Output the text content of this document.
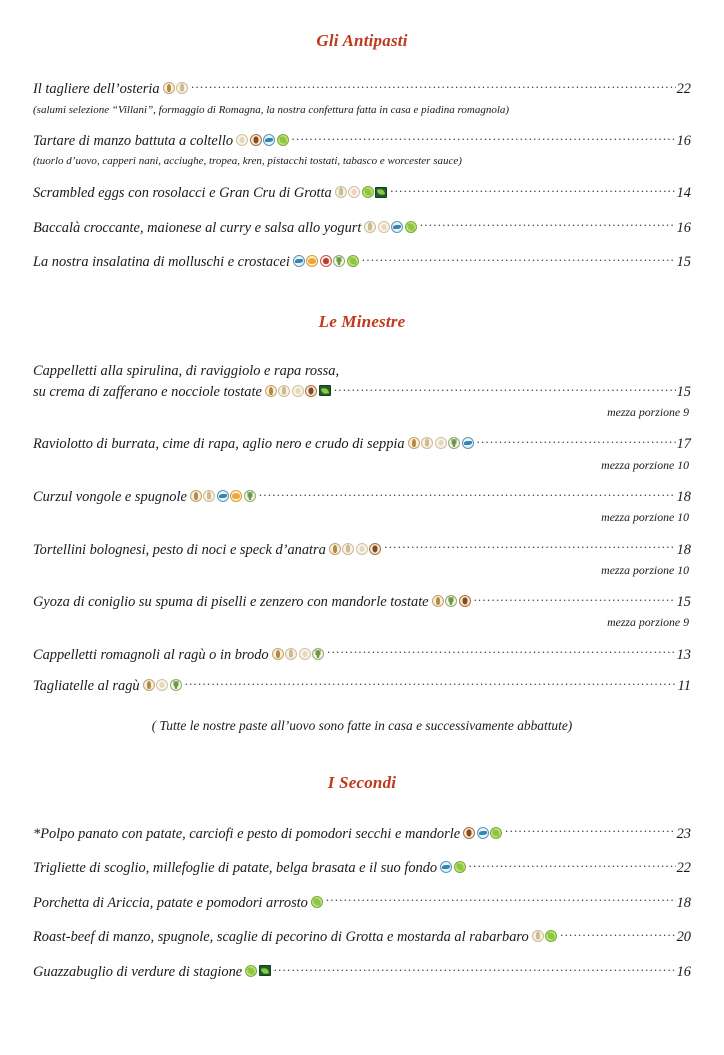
Gli Antipasti
Il tagliere dell’osteria .....	22
(salumi selezione “Villani”, formaggio di Romagna, la nostra confettura fatta in casa e piadina romagnola)
Tartare di manzo battuta a coltello .....	16
(tuorlo d’uovo, capperi nani, acciughe, tropea, kren, pistacchi tostati, tabasco e worcester sauce)
Scrambled eggs con rosolacci e Gran Cru di Grotta .....	14
Baccalà croccante, maionese al curry e salsa allo yogurt .....	16
La nostra insalatina di molluschi e crostacei .....	15
Le Minestre
Cappelletti alla spirulina, di raviggiolo e rapa rossa,
su crema di zafferano e nocciole tostate .....	15
mezza porzione 9
Raviolotto di burrata, cime di rapa, aglio nero e crudo di seppia .....	17
mezza porzione 10
Curzul vongole e spugnole .....	18
mezza porzione 10
Tortellini bolognesi, pesto di noci e speck d’anatra .....	18
mezza porzione 10
Gyoza di coniglio su spuma di piselli e zenzero con mandorle tostate .....	15
mezza porzione 9
Cappelletti romagnoli al ragù o in brodo .....	13
Tagliatelle al ragù .....	11
( Tutte le nostre paste all’uovo sono fatte in casa e successivamente abbattute)
I Secondi
*Polpo panato con patate, carciofi e pesto di pomodori secchi e mandorle .....	23
Trigliette di scoglio, millefoglie di patate, belga brasata e il suo fondo .....	22
Porchetta di Ariccia, patate e pomodori arrosto .....	18
Roast-beef di manzo, spugnole, scaglie di pecorino di Grotta e mostarda al rabarbaro .....	20
Guazzabuglio di verdure di stagione .....	16
